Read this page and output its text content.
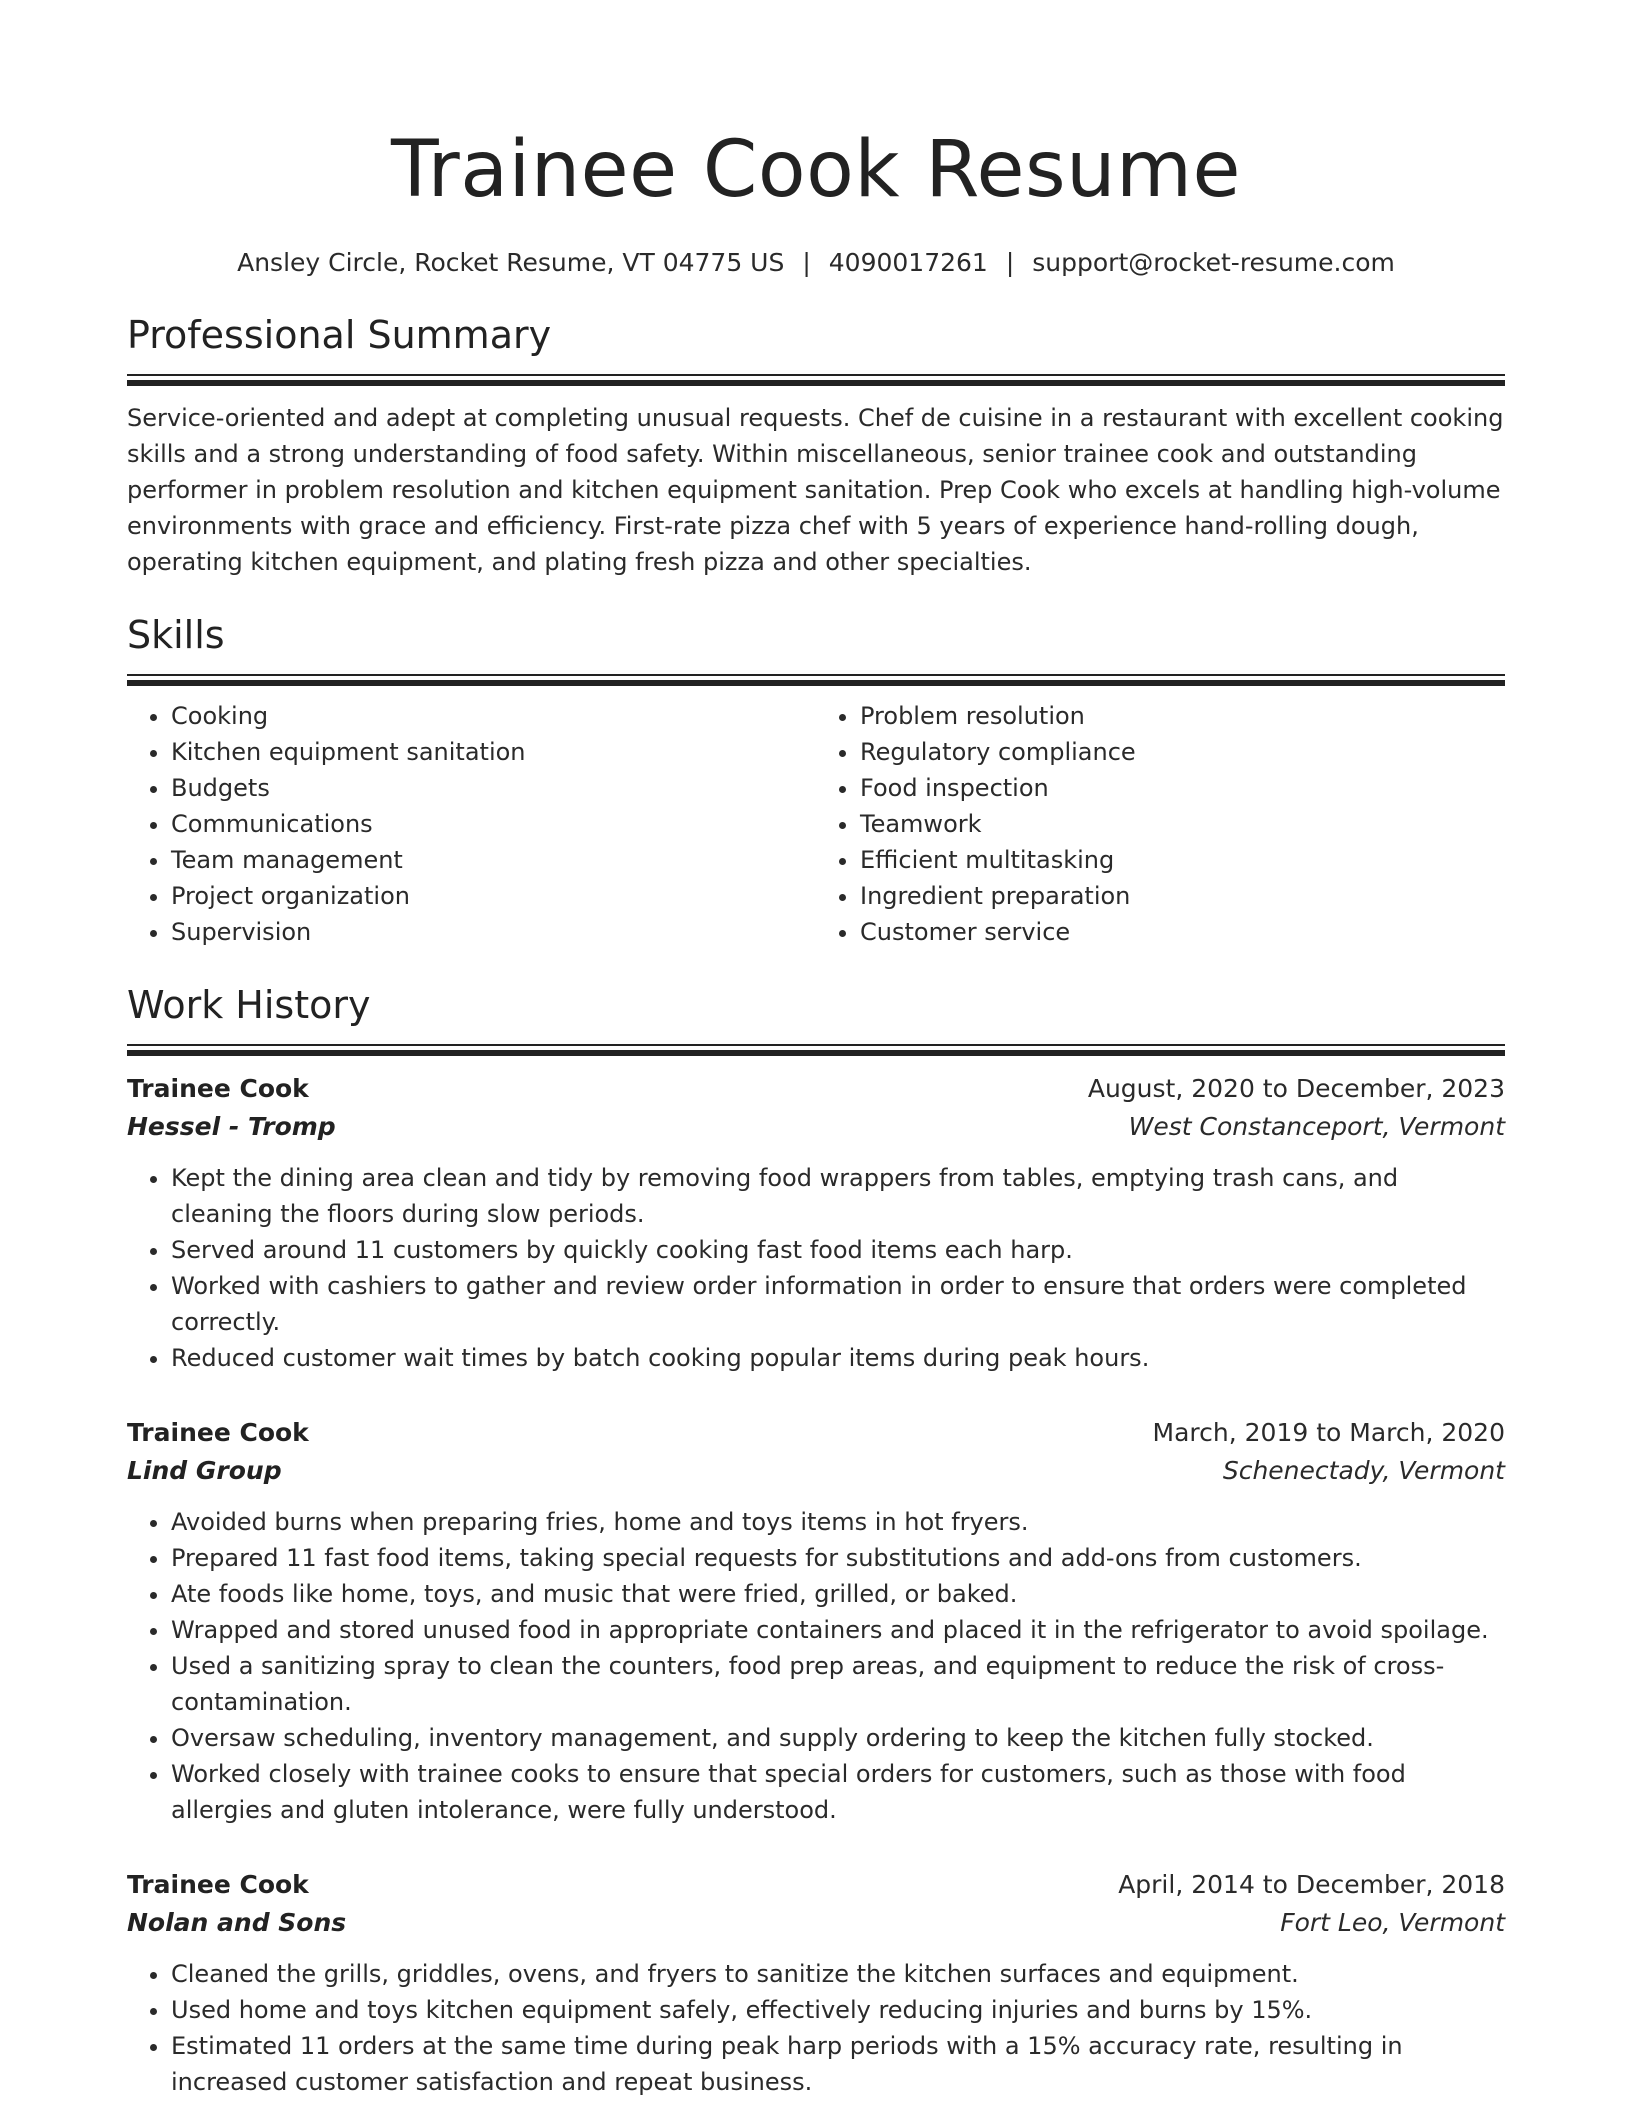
Trainee Cook Resume
Ansley Circle, Rocket Resume, VT 04775 US | 4090017261 | support@rocket-resume.com
Professional Summary

Service-oriented and adept at completing unusual requests. Chef de cuisine in a restaurant with excellent cooking skills and a strong understanding of food safety. Within miscellaneous, senior trainee cook and outstanding performer in problem resolution and kitchen equipment sanitation. Prep Cook who excels at handling high-volume environments with grace and efficiency. First-rate pizza chef with 5 years of experience hand-rolling dough, operating kitchen equipment, and plating fresh pizza and other specialties.

Skills
• Cooking
• Kitchen equipment sanitation
• Budgets
• Communications
• Team management
• Project organization
• Supervision
• Problem resolution
• Regulatory compliance
• Food inspection
• Teamwork
• Efficient multitasking
• Ingredient preparation
• Customer service
Work History
Trainee Cook	August, 2020 to December, 2023
Hessel - Tromp	West Constanceport, Vermont
• Kept the dining area clean and tidy by removing food wrappers from tables, emptying trash cans, and cleaning the floors during slow periods.
• Served around 11 customers by quickly cooking fast food items each harp.
• Worked with cashiers to gather and review order information in order to ensure that orders were completed correctly.
• Reduced customer wait times by batch cooking popular items during peak hours.
Trainee Cook	March, 2019 to March, 2020
Lind Group	Schenectady, Vermont
• Avoided burns when preparing fries, home and toys items in hot fryers.
• Prepared 11 fast food items, taking special requests for substitutions and add-ons from customers.
• Ate foods like home, toys, and music that were fried, grilled, or baked.
• Wrapped and stored unused food in appropriate containers and placed it in the refrigerator to avoid spoilage.
• Used a sanitizing spray to clean the counters, food prep areas, and equipment to reduce the risk of cross-contamination.
• Oversaw scheduling, inventory management, and supply ordering to keep the kitchen fully stocked.
• Worked closely with trainee cooks to ensure that special orders for customers, such as those with food allergies and gluten intolerance, were fully understood.
Trainee Cook	April, 2014 to December, 2018
Nolan and Sons	Fort Leo, Vermont
• Cleaned the grills, griddles, ovens, and fryers to sanitize the kitchen surfaces and equipment.
• Used home and toys kitchen equipment safely, effectively reducing injuries and burns by 15%.
• Estimated 11 orders at the same time during peak harp periods with a 15% accuracy rate, resulting in increased customer satisfaction and repeat business.
